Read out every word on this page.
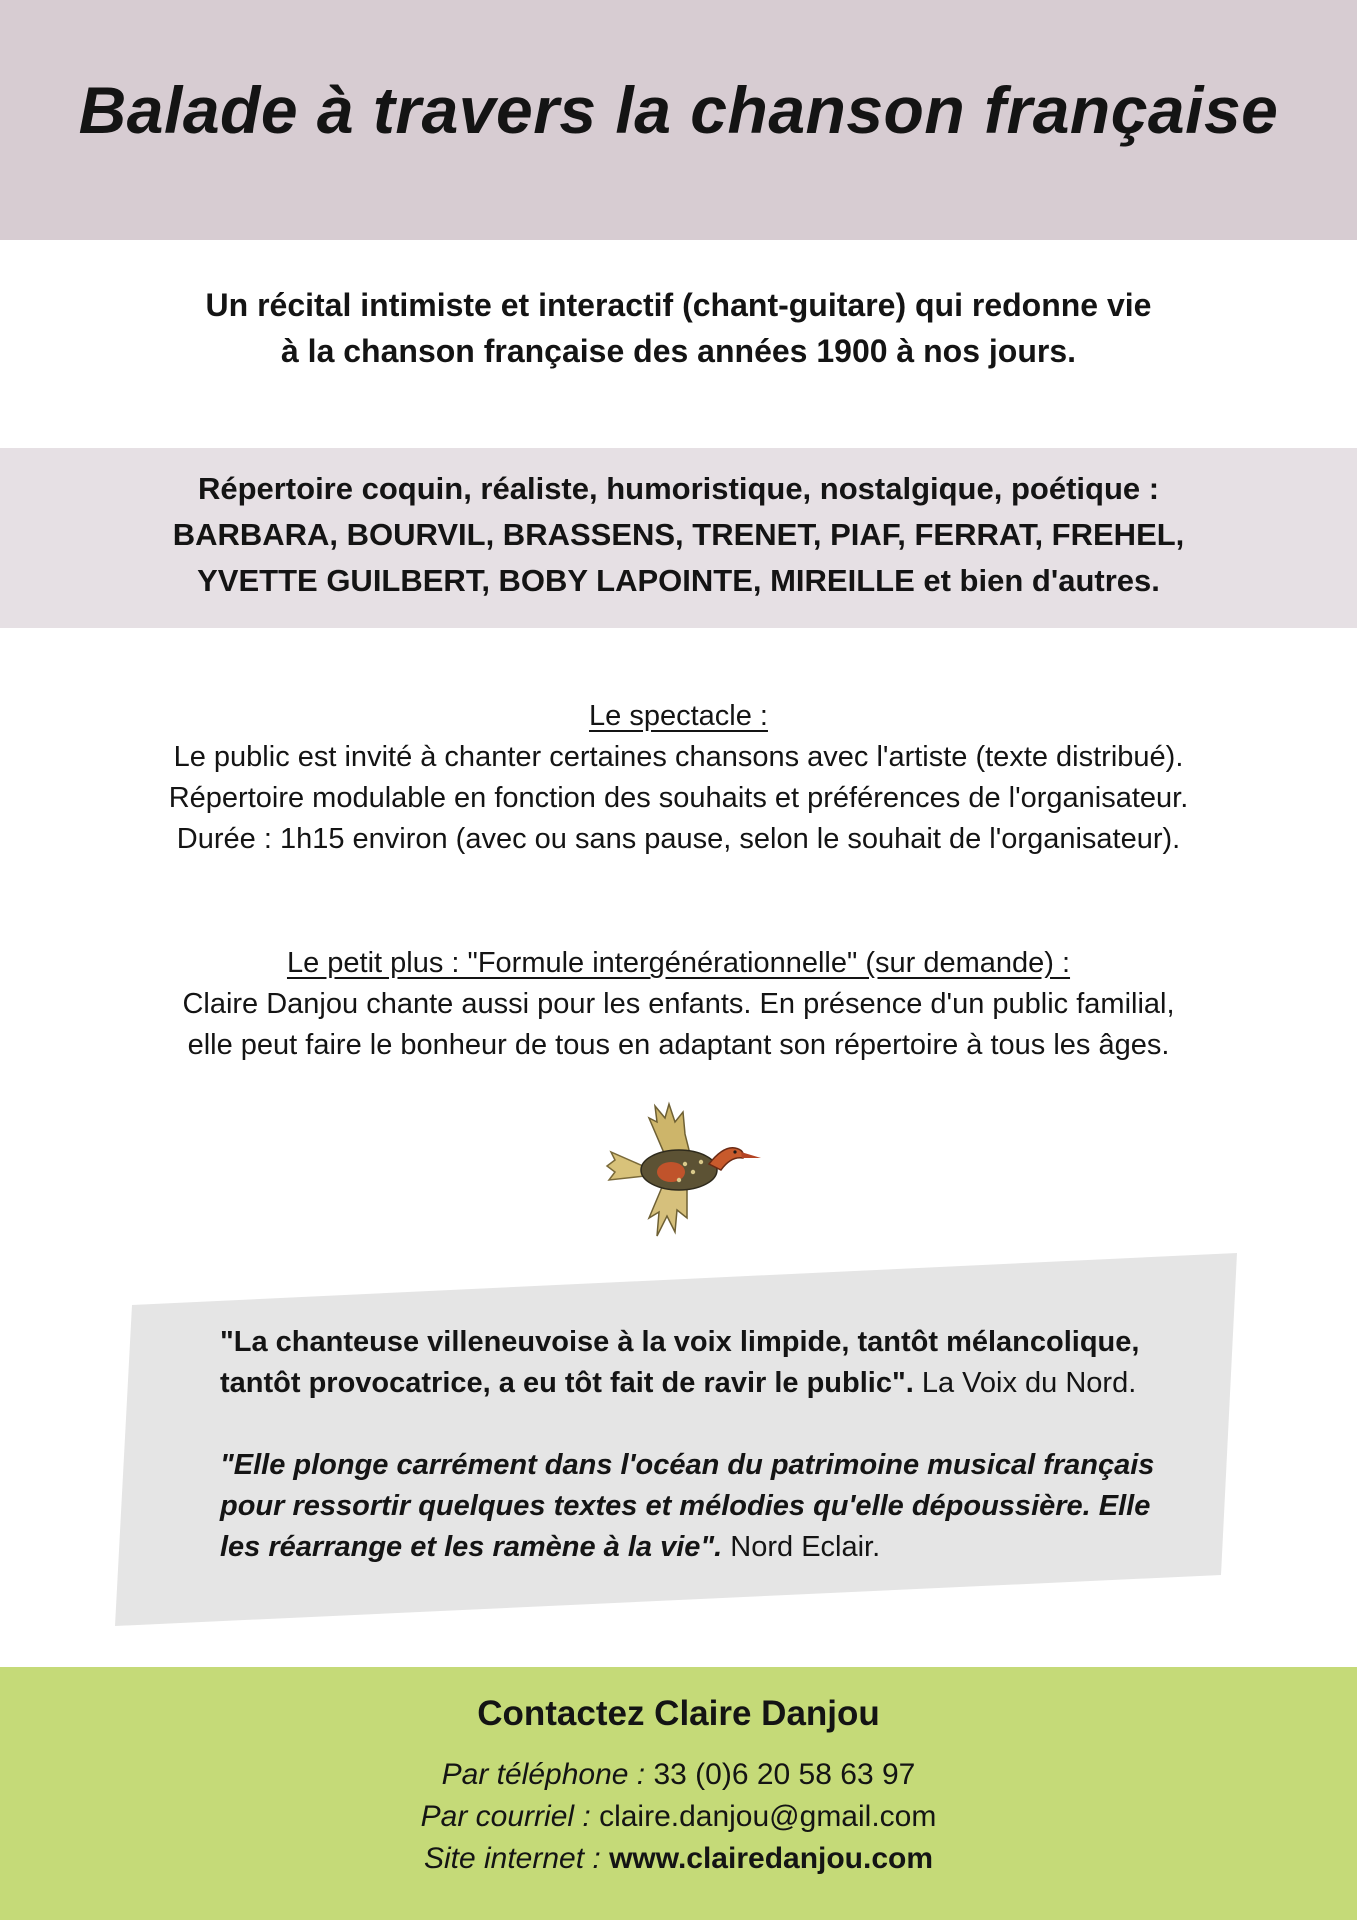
Balade à travers la chanson française
Un récital intimiste et interactif (chant-guitare) qui redonne vie
à la chanson française des années 1900 à nos jours.
Répertoire coquin, réaliste, humoristique, nostalgique, poétique :
BARBARA, BOURVIL, BRASSENS, TRENET, PIAF, FERRAT, FREHEL,
YVETTE GUILBERT, BOBY LAPOINTE, MIREILLE et bien d'autres.
Le spectacle :
Le public est invité à chanter certaines chansons avec l'artiste (texte distribué).
Répertoire modulable en fonction des souhaits et préférences de l'organisateur.
Durée : 1h15 environ (avec ou sans pause, selon le souhait de l'organisateur).
Le petit plus : "Formule intergénérationnelle" (sur demande) :
Claire Danjou chante aussi pour les enfants. En présence d'un public familial,
elle peut faire le bonheur de tous en adaptant son répertoire à tous les âges.

"La chanteuse villeneuvoise à la voix limpide, tantôt mélancolique,
tantôt provocatrice, a eu tôt fait de ravir le public". La Voix du Nord.

"Elle plonge carrément dans l'océan du patrimoine musical français
pour ressortir quelques textes et mélodies qu'elle dépoussière. Elle
les réarrange et les ramène à la vie". Nord Eclair.

Contactez Claire Danjou
Par téléphone : 33 (0)6 20 58 63 97
Par courriel : claire.danjou@gmail.com
Site internet : www.clairedanjou.com
